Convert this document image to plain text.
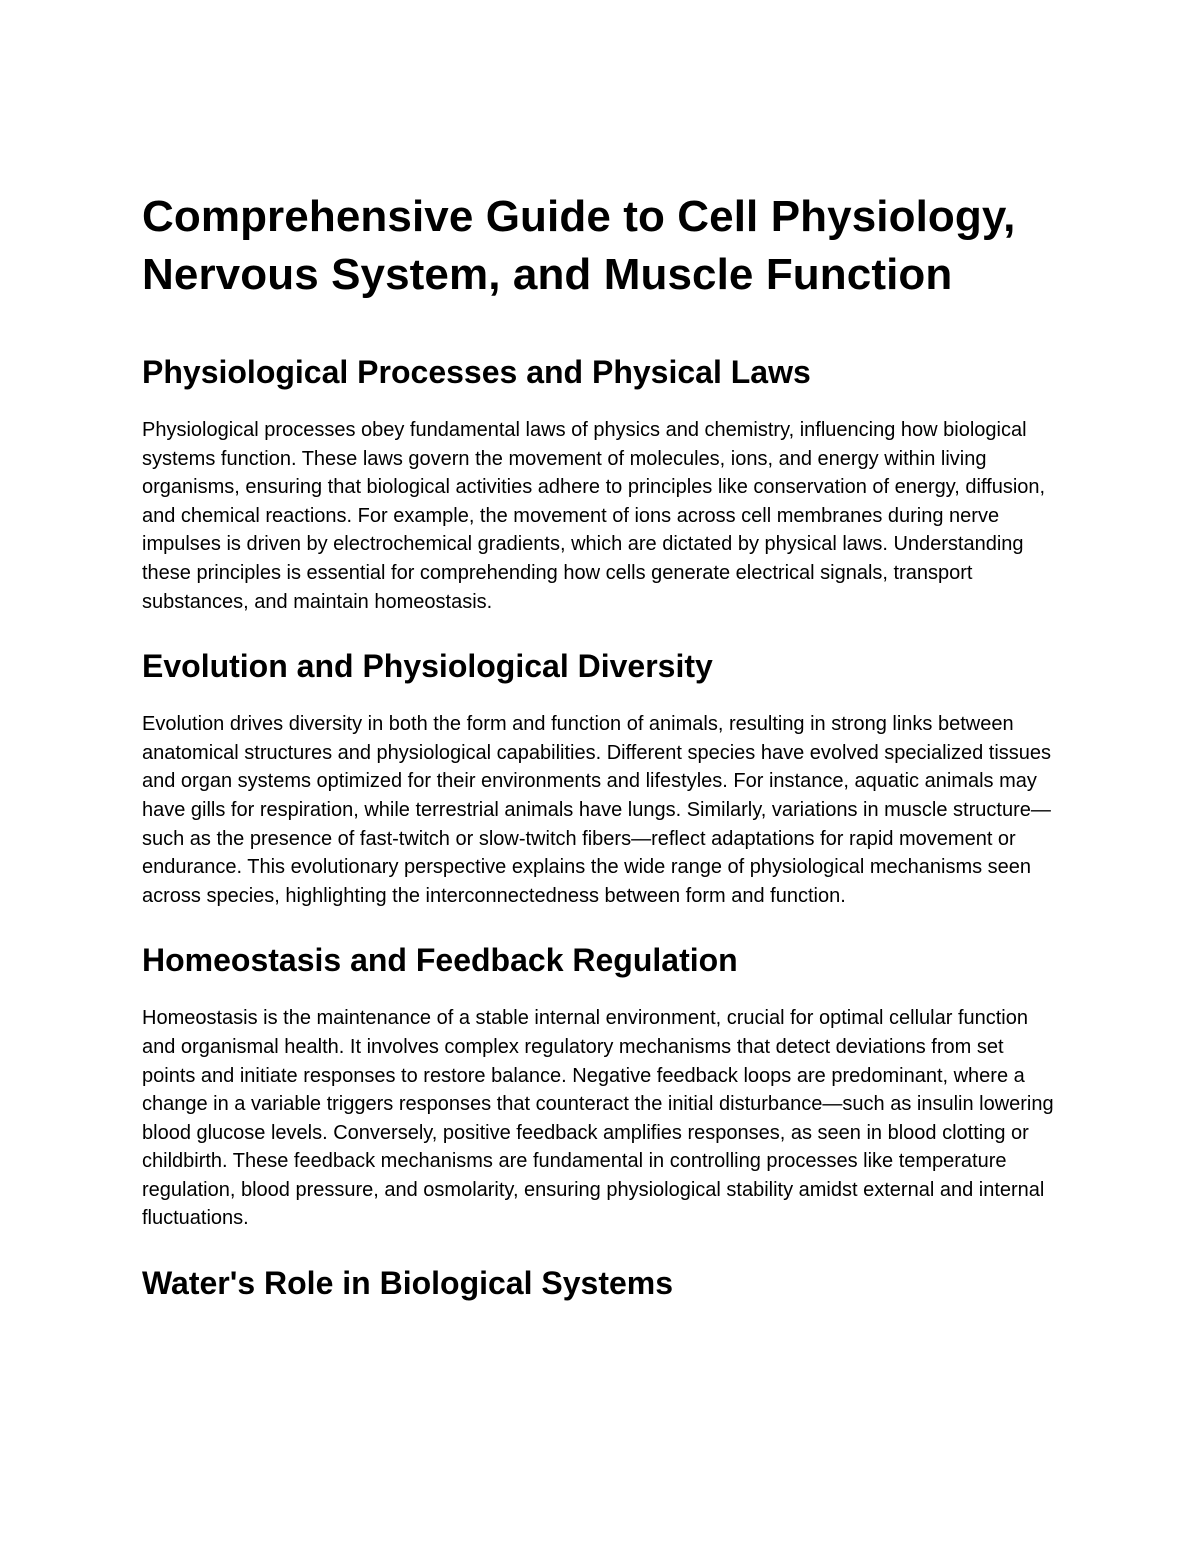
Comprehensive Guide to Cell Physiology, Nervous System, and Muscle Function
Physiological Processes and Physical Laws

Physiological processes obey fundamental laws of physics and chemistry, influencing how biological systems function. These laws govern the movement of molecules, ions, and energy within living organisms, ensuring that biological activities adhere to principles like conservation of energy, diffusion, and chemical reactions. For example, the movement of ions across cell membranes during nerve impulses is driven by electrochemical gradients, which are dictated by physical laws. Understanding these principles is essential for comprehending how cells generate electrical signals, transport substances, and maintain homeostasis.

Evolution and Physiological Diversity

Evolution drives diversity in both the form and function of animals, resulting in strong links between anatomical structures and physiological capabilities. Different species have evolved specialized tissues and organ systems optimized for their environments and lifestyles. For instance, aquatic animals may have gills for respiration, while terrestrial animals have lungs. Similarly, variations in muscle structure—such as the presence of fast-twitch or slow-twitch fibers—reflect adaptations for rapid movement or endurance. This evolutionary perspective explains the wide range of physiological mechanisms seen across species, highlighting the interconnectedness between form and function.

Homeostasis and Feedback Regulation

Homeostasis is the maintenance of a stable internal environment, crucial for optimal cellular function and organismal health. It involves complex regulatory mechanisms that detect deviations from set points and initiate responses to restore balance. Negative feedback loops are predominant, where a change in a variable triggers responses that counteract the initial disturbance—such as insulin lowering blood glucose levels. Conversely, positive feedback amplifies responses, as seen in blood clotting or childbirth. These feedback mechanisms are fundamental in controlling processes like temperature regulation, blood pressure, and osmolarity, ensuring physiological stability amidst external and internal fluctuations.

Water's Role in Biological Systems
